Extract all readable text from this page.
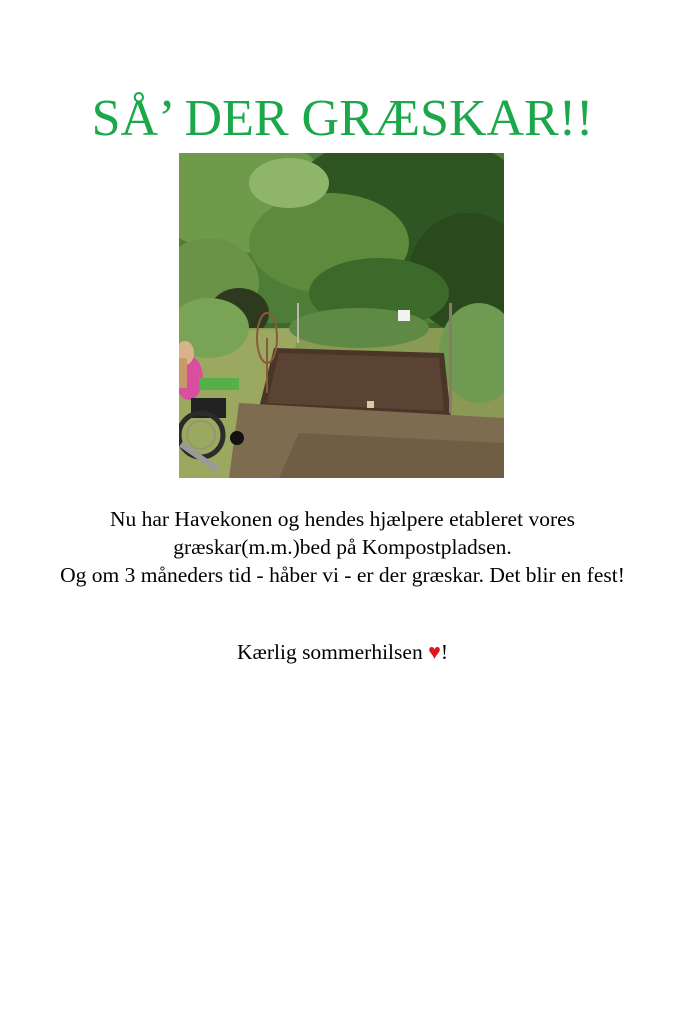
SÅ’ DER GRÆSKAR!!

Nu har Havekonen og hendes hjælpere etableret vores græskar(m.m.)bed på Kompostpladsen.

Og om 3 måneders tid - håber vi - er der græskar. Det blir en fest!

Kærlig sommerhilsen ♥!
